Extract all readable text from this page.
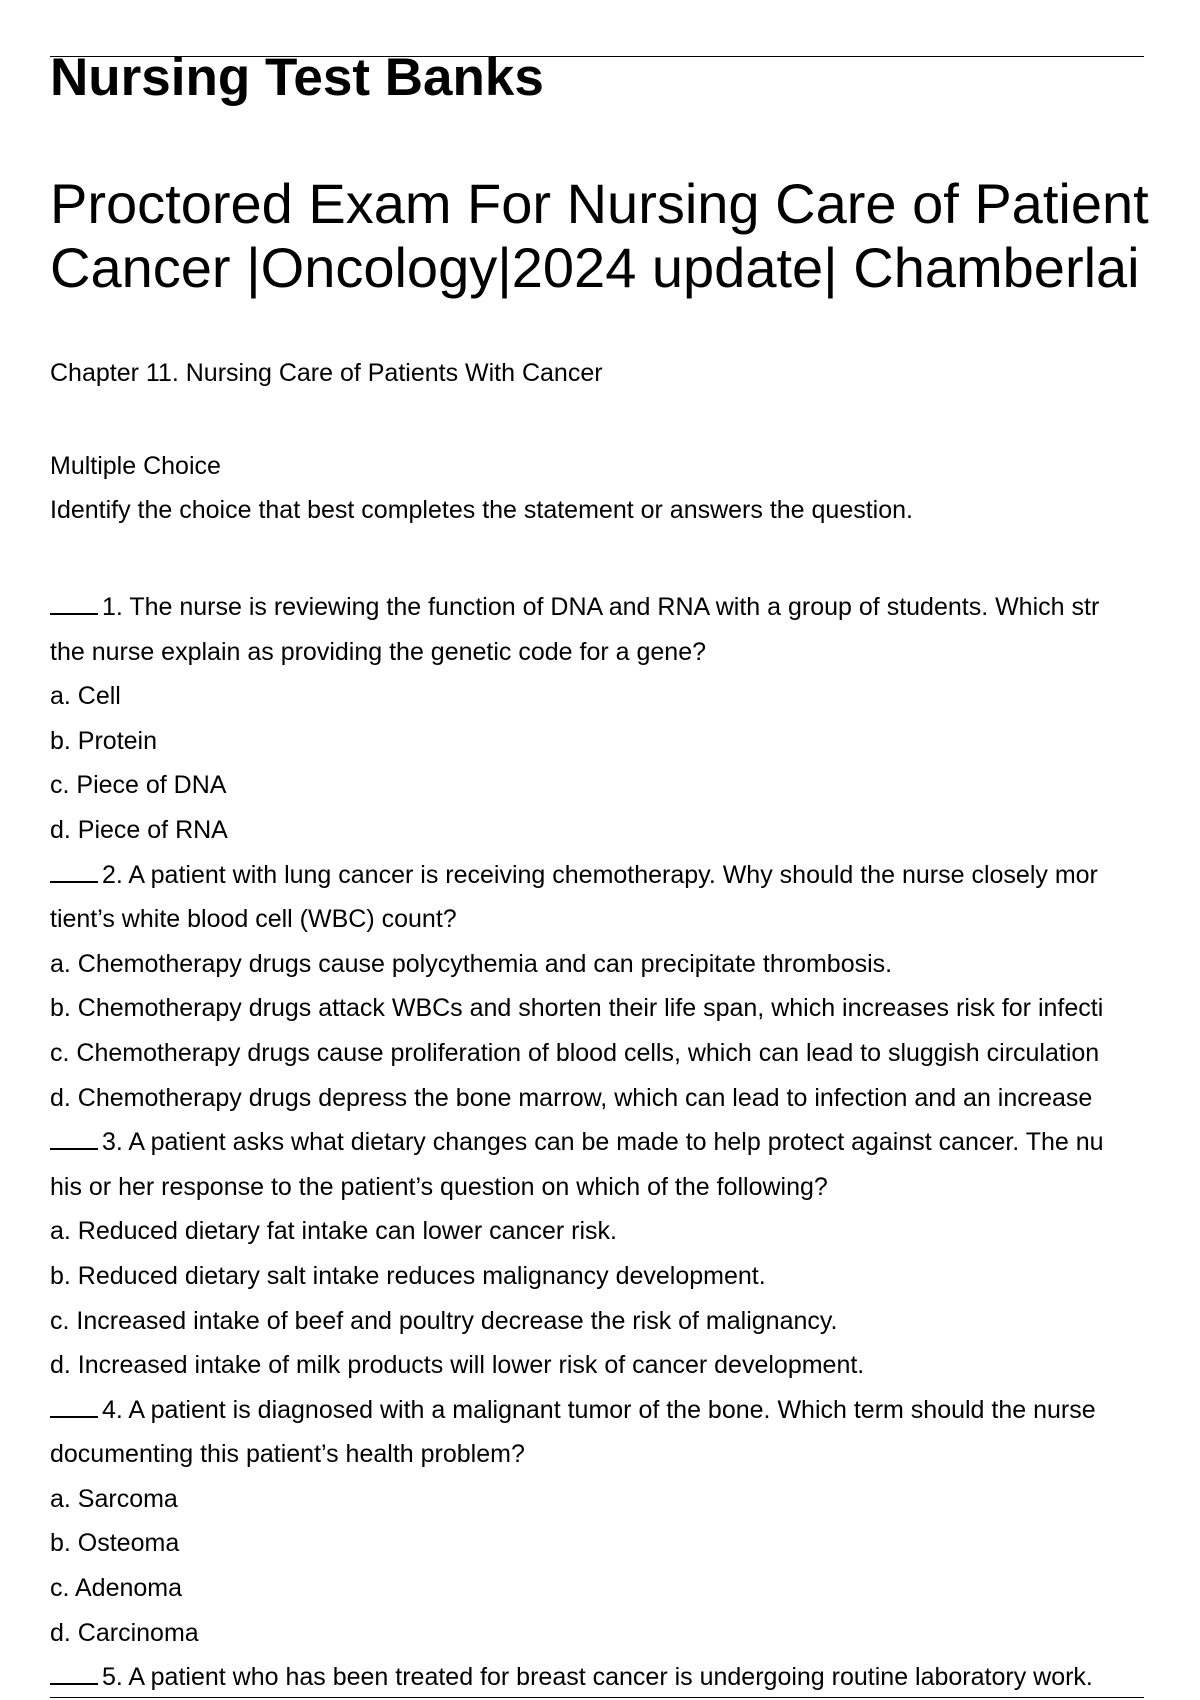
Nursing Test Banks
Proctored Exam For Nursing Care of Patient
Cancer |Oncology|2024 update| Chamberlai

Chapter 11. Nursing Care of Patients With Cancer

Multiple Choice

Identify the choice that best completes the statement or answers the question.

1. The nurse is reviewing the function of DNA and RNA with a group of students. Which str
the nurse explain as providing the genetic code for a gene?
a. Cell
b. Protein
c. Piece of DNA
d. Piece of RNA
2. A patient with lung cancer is receiving chemotherapy. Why should the nurse closely mor
tient’s white blood cell (WBC) count?
a. Chemotherapy drugs cause polycythemia and can precipitate thrombosis.
b. Chemotherapy drugs attack WBCs and shorten their life span, which increases risk for infecti
c. Chemotherapy drugs cause proliferation of blood cells, which can lead to sluggish circulation
d. Chemotherapy drugs depress the bone marrow, which can lead to infection and an increase
3. A patient asks what dietary changes can be made to help protect against cancer. The nu
his or her response to the patient’s question on which of the following?
a. Reduced dietary fat intake can lower cancer risk.
b. Reduced dietary salt intake reduces malignancy development.
c. Increased intake of beef and poultry decrease the risk of malignancy.
d. Increased intake of milk products will lower risk of cancer development.
4. A patient is diagnosed with a malignant tumor of the bone. Which term should the nurse
documenting this patient’s health problem?
a. Sarcoma
b. Osteoma
c. Adenoma
d. Carcinoma
5. A patient who has been treated for breast cancer is undergoing routine laboratory work.
